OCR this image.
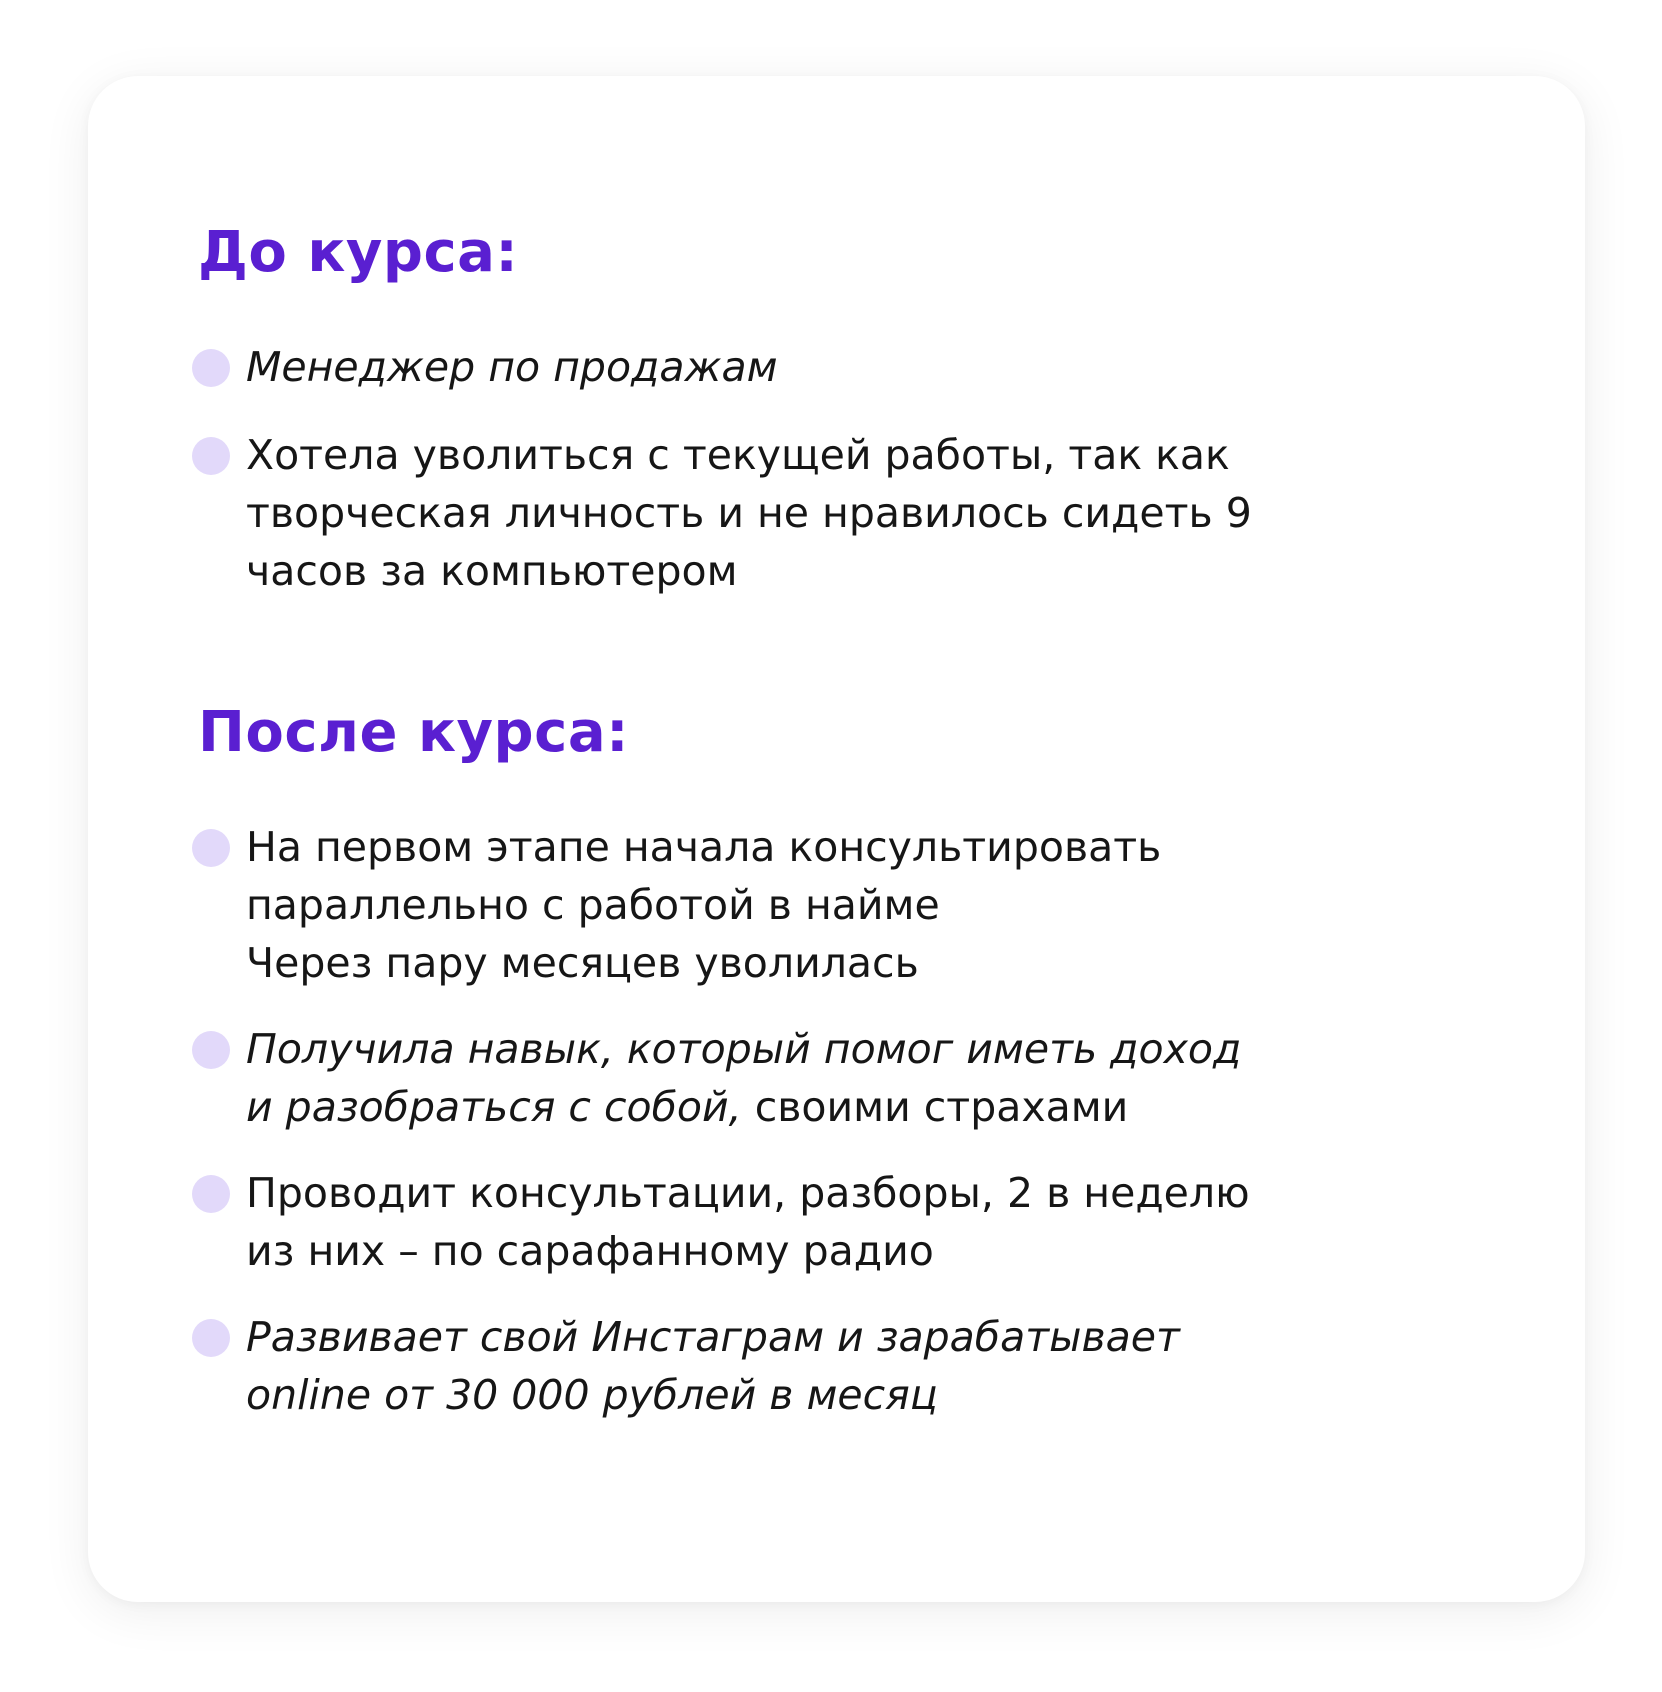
До курса:
Менеджер по продажам
Хотела уволиться с текущей работы, так как
творческая личность и не нравилось сидеть 9
часов за компьютером
После курса:
На первом этапе начала консультировать
параллельно с работой в найме
Через пару месяцев уволилась
Получила навык, который помог иметь доход
и разобраться с собой, своими страхами
Проводит консультации, разборы, 2 в неделю
из них – по сарафанному радио
Развивает свой Инстаграм и зарабатывает
online от 30 000 рублей в месяц
